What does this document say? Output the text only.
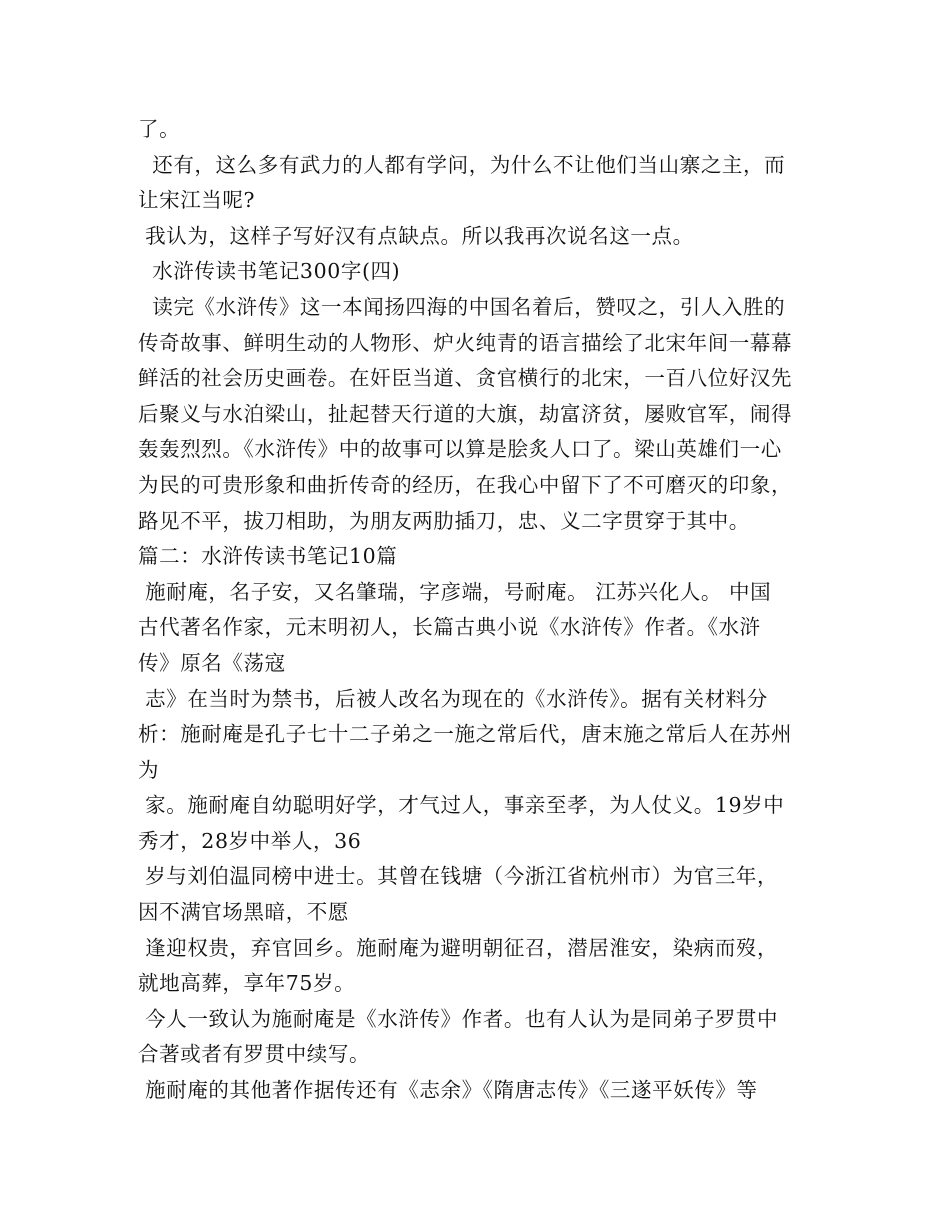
了。
还有，这么多有武力的人都有学问，为什么不让他们当山寨之主，而
让宋江当呢?
我认为，这样子写好汉有点缺点。所以我再次说名这一点。
水浒传读书笔记300字(四)
读完《水浒传》这一本闻扬四海的中国名着后，赞叹之，引人入胜的
传奇故事、鲜明生动的人物形、炉火纯青的语言描绘了北宋年间一幕幕
鲜活的社会历史画卷。在奸臣当道、贪官横行的北宋，一百八位好汉先
后聚义与水泊梁山，扯起替天行道的大旗，劫富济贫，屡败官军，闹得
轰轰烈烈。《水浒传》中的故事可以算是脍炙人口了。梁山英雄们一心
为民的可贵形象和曲折传奇的经历，在我心中留下了不可磨灭的印象，
路见不平，拔刀相助，为朋友两肋插刀，忠、义二字贯穿于其中。
篇二：水浒传读书笔记10篇
施耐庵，名子安，又名肇瑞，字彦端，号耐庵。 江苏兴化人。 中国
古代著名作家，元末明初人，长篇古典小说《水浒传》作者。《水浒
传》原名《荡寇
志》在当时为禁书，后被人改名为现在的《水浒传》。据有关材料分
析：施耐庵是孔子七十二子弟之一施之常后代，唐末施之常后人在苏州
为
家。施耐庵自幼聪明好学，才气过人，事亲至孝，为人仗义。19岁中
秀才，28岁中举人，36
岁与刘伯温同榜中进士。其曾在钱塘（今浙江省杭州市）为官三年，
因不满官场黑暗，不愿
逢迎权贵，弃官回乡。施耐庵为避明朝征召，潜居淮安，染病而歿，
就地高葬，享年75岁。
今人一致认为施耐庵是《水浒传》作者。也有人认为是同弟子罗贯中
合著或者有罗贯中续写。
施耐庵的其他著作据传还有《志余》《隋唐志传》《三遂平妖传》等
